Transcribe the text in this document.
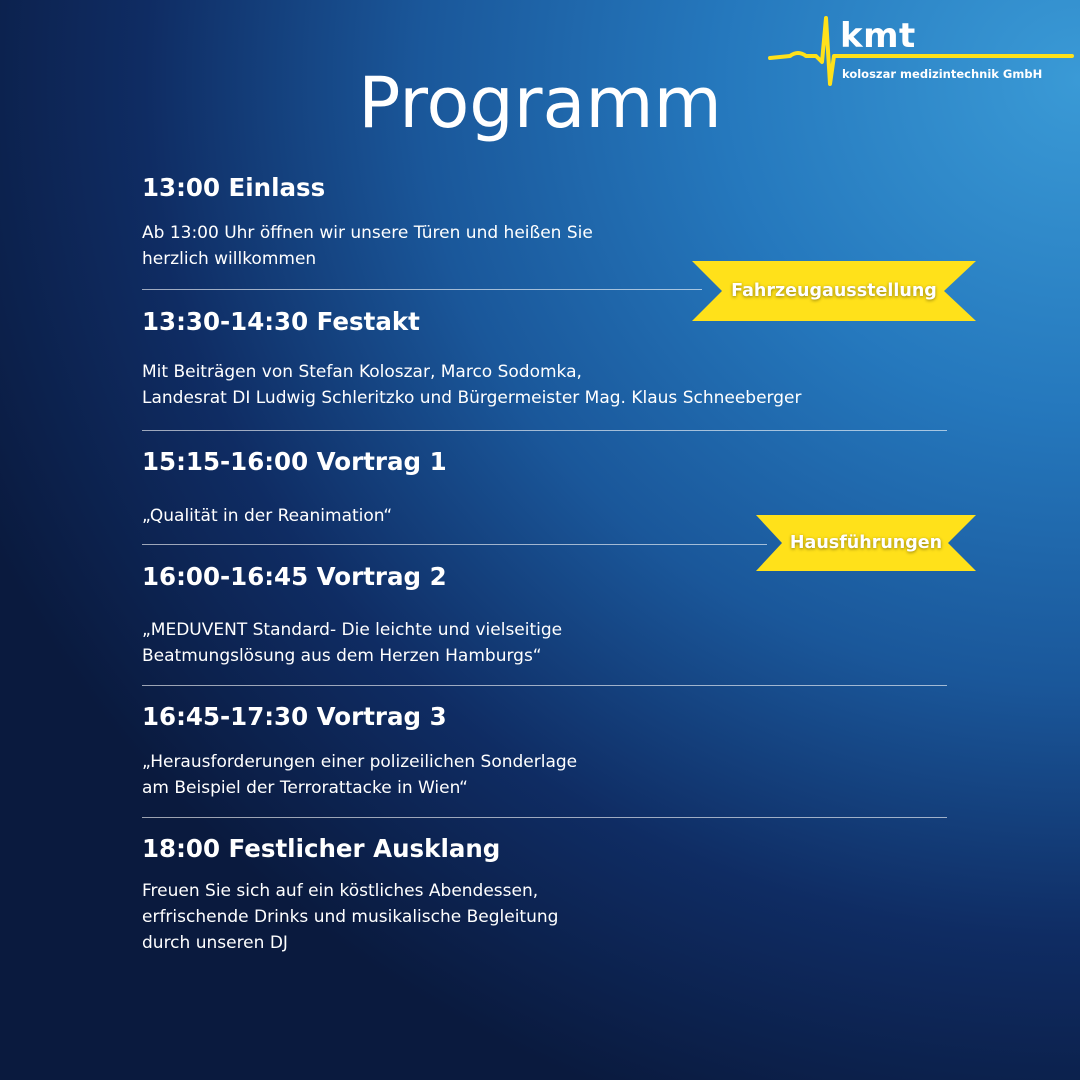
kmt
koloszar medizintechnik GmbH
Programm
13:00 Einlass
Ab 13:00 Uhr öffnen wir unsere Türen und heißen Sie
herzlich willkommen
13:30-14:30 Festakt
Mit Beiträgen von Stefan Koloszar, Marco Sodomka,
Landesrat DI Ludwig Schleritzko und Bürgermeister Mag. Klaus Schneeberger
15:15-16:00 Vortrag 1
„Qualität in der Reanimation“
16:00-16:45 Vortrag 2
„MEDUVENT Standard- Die leichte und vielseitige
Beatmungslösung aus dem Herzen Hamburgs“
16:45-17:30 Vortrag 3
„Herausforderungen einer polizeilichen Sonderlage
am Beispiel der Terrorattacke in Wien“
18:00 Festlicher Ausklang
Freuen Sie sich auf ein köstliches Abendessen,
erfrischende Drinks und musikalische Begleitung
durch unseren DJ
Fahrzeugausstellung
Hausführungen
